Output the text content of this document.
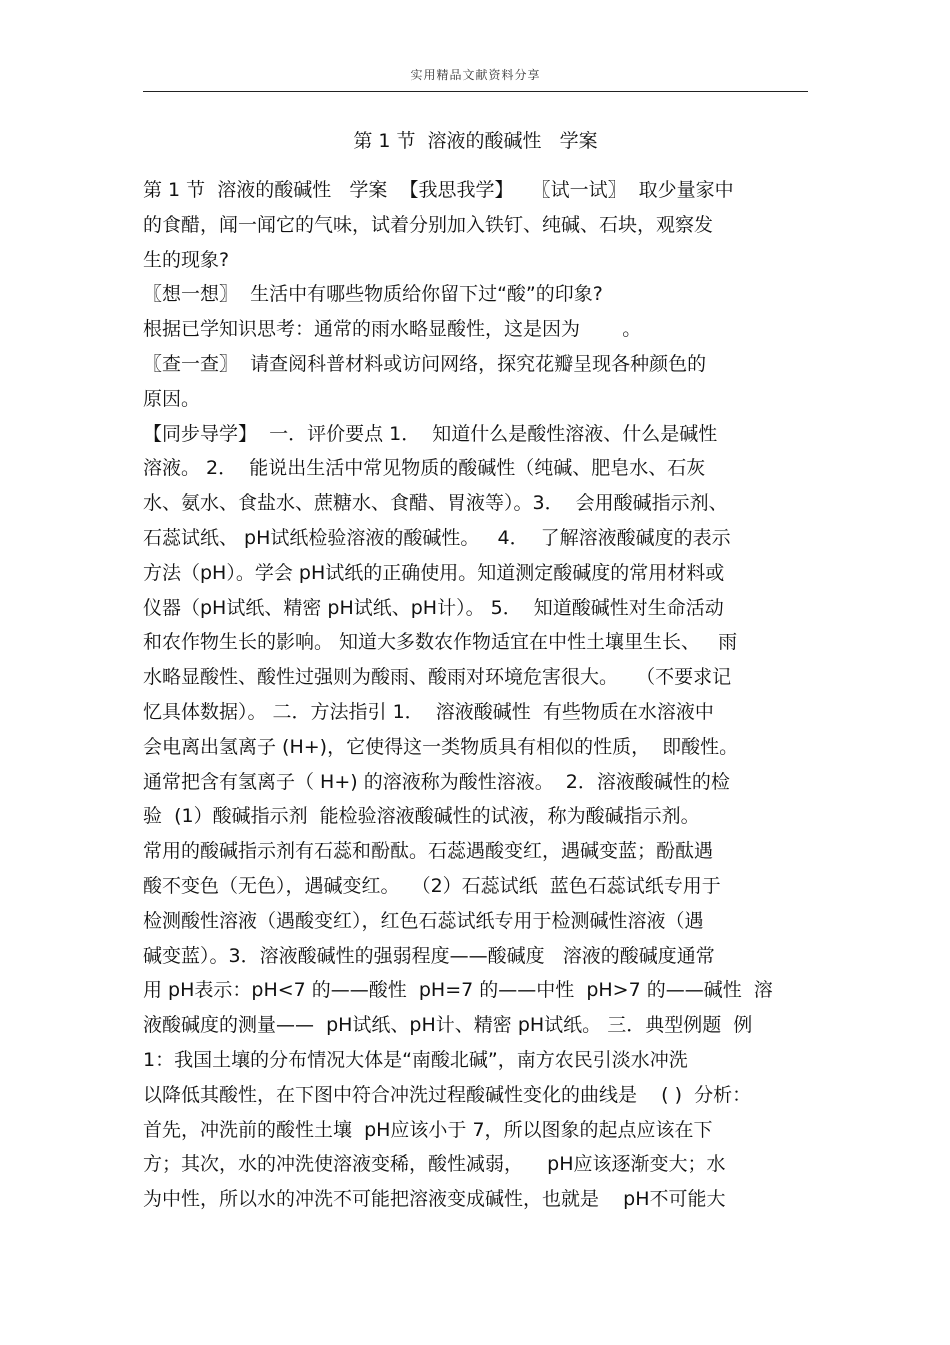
实用精品文献资料分享
第 1 节  溶液的酸碱性   学案
第 1 节  溶液的酸碱性   学案  【我思我学】   〖试一试〗  取少量家中
的食醋，闻一闻它的气味，试着分别加入铁钉、纯碱、石块，观察发
生的现象?
〖想一想〗  生活中有哪些物质给你留下过“酸”的印象?
根据已学知识思考：通常的雨水略显酸性，这是因为       。
〖查一查〗  请查阅科普材料或访问网络，探究花瓣呈现各种颜色的
原因。
【同步导学】  一．评价要点 1．  知道什么是酸性溶液、什么是碱性
溶液。 2．  能说出生活中常见物质的酸碱性（纯碱、肥皂水、石灰
水、氨水、食盐水、蔗糖水、食醋、胃液等）。3．  会用酸碱指示剂、
石蕊试纸、 pH试纸检验溶液的酸碱性。   4．  了解溶液酸碱度的表示
方法（pH）。学会 pH试纸的正确使用。知道测定酸碱度的常用材料或
仪器（pH试纸、精密 pH试纸、pH计）。 5．  知道酸碱性对生命活动
和农作物生长的影响。 知道大多数农作物适宜在中性土壤里生长、   雨
水略显酸性、酸性过强则为酸雨、酸雨对环境危害很大。   （不要求记
忆具体数据）。 二．方法指引 1．  溶液酸碱性  有些物质在水溶液中
会电离出氢离子 (H+)，它使得这一类物质具有相似的性质，  即酸性。
通常把含有氢离子（ H+) 的溶液称为酸性溶液。  2．溶液酸碱性的检
验  (1）酸碱指示剂  能检验溶液酸碱性的试液，称为酸碱指示剂。
常用的酸碱指示剂有石蕊和酚酞。石蕊遇酸变红，遇碱变蓝；酚酞遇
酸不变色（无色），遇碱变红。  （2）石蕊试纸  蓝色石蕊试纸专用于
检测酸性溶液（遇酸变红），红色石蕊试纸专用于检测碱性溶液（遇
碱变蓝）。3．溶液酸碱性的强弱程度——酸碱度   溶液的酸碱度通常
用 pH表示：pH<7 的——酸性  pH=7 的——中性  pH>7 的——碱性  溶
液酸碱度的测量——  pH试纸、pH计、精密 pH试纸。 三．典型例题  例
1：我国土壤的分布情况大体是“南酸北碱”，南方农民引淡水冲洗
以降低其酸性，在下图中符合冲洗过程酸碱性变化的曲线是    ( )  分析：
首先，冲洗前的酸性土壤  pH应该小于 7，所以图象的起点应该在下
方；其次，水的冲洗使溶液变稀，酸性减弱，    pH应该逐渐变大；水
为中性，所以水的冲洗不可能把溶液变成碱性，也就是    pH不可能大
